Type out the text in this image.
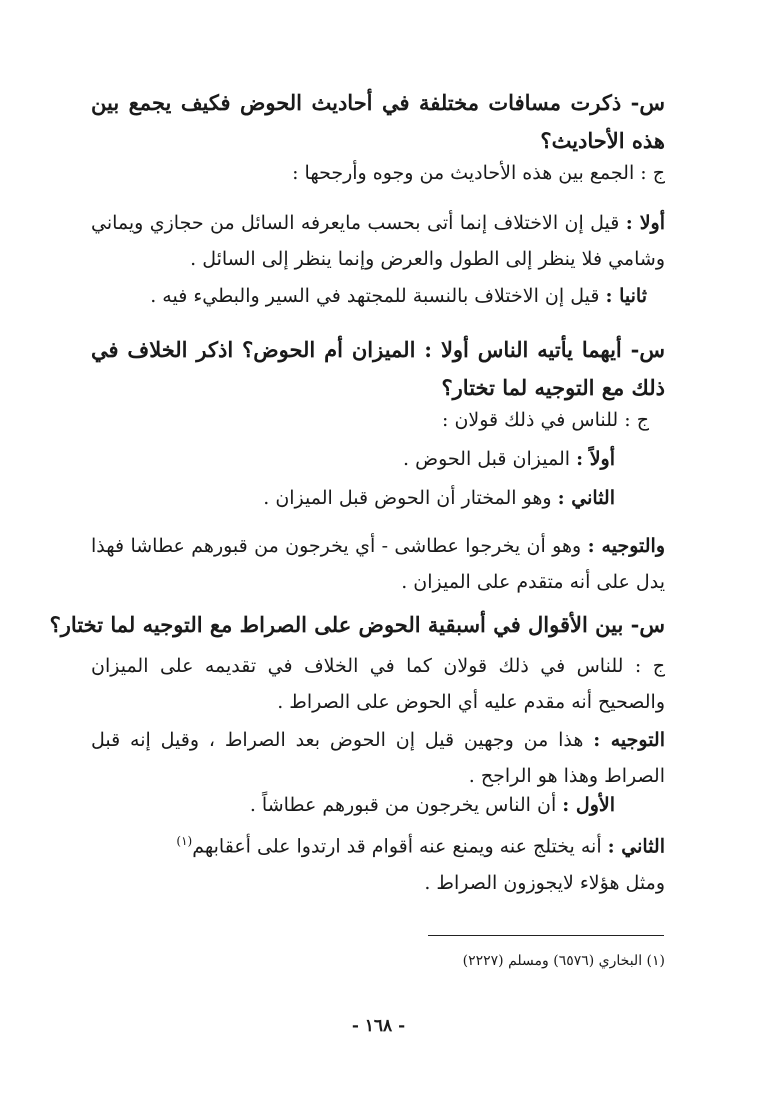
س- ذكرت مسافات مختلفة في أحاديث الحوض فكيف يجمع بين هذه الأحاديث؟
ج : الجمع بين هذه الأحاديث من وجوه وأرجحها :
أولا : قيل إن الاختلاف إنما أتى بحسب مايعرفه السائل من حجازي ويماني وشامي فلا ينظر إلى الطول والعرض وإنما ينظر إلى السائل .
ثانيا : قيل إن الاختلاف بالنسبة للمجتهد في السير والبطيء فيه .
س- أيهما يأتيه الناس أولا : الميزان أم الحوض؟ اذكر الخلاف في ذلك مع التوجيه لما تختار؟
ج : للناس في ذلك قولان :
أولاً : الميزان قبل الحوض .
الثاني : وهو المختار أن الحوض قبل الميزان .
والتوجيه : وهو أن يخرجوا عطاشى - أي يخرجون من قبورهم عطاشا فهذا يدل على أنه متقدم على الميزان .
س- بين الأقوال في أسبقية الحوض على الصراط مع التوجيه لما تختار؟
ج : للناس في ذلك قولان كما في الخلاف في تقديمه على الميزان والصحيح أنه مقدم عليه أي الحوض على الصراط .
التوجيه : هذا من وجهين قيل إن الحوض بعد الصراط ، وقيل إنه قبل الصراط وهذا هو الراجح .
الأول : أن الناس يخرجون من قبورهم عطاشاً .
الثاني : أنه يختلج عنه ويمنع عنه أقوام قد ارتدوا على أعقابهم$^{(١)}$
ومثل هؤلاء لايجوزون الصراط .
(١) البخاري (٦٥٧٦) ومسلم (٢٢٢٧)
- ١٦٨ -
